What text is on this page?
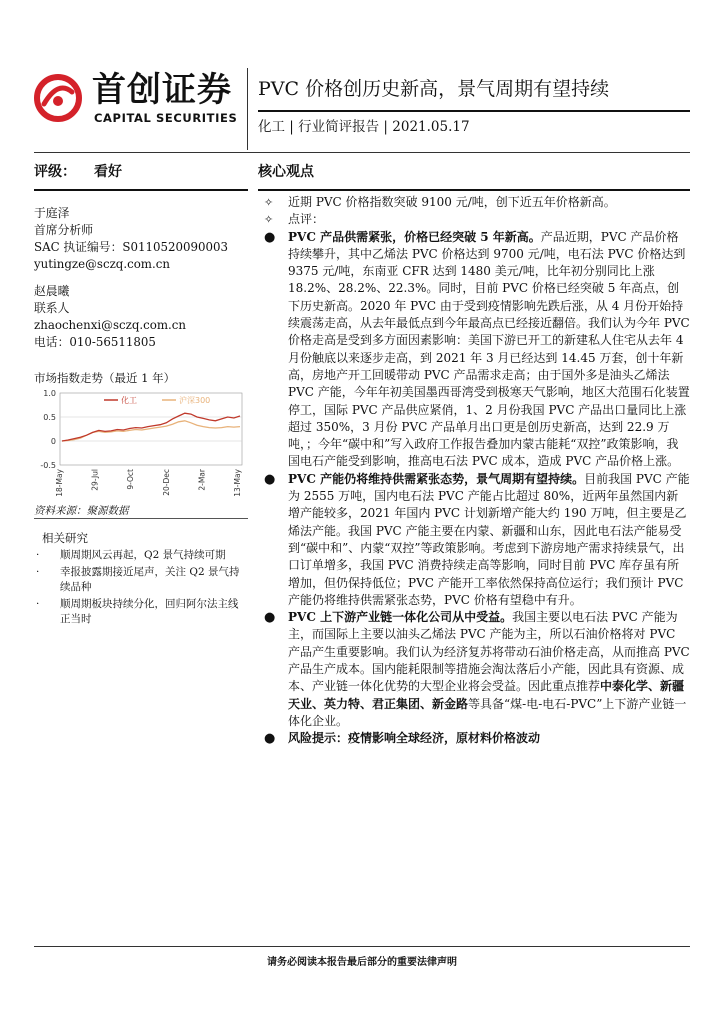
首创证券
CAPITAL SECURITIES
PVC 价格创历史新高，景气周期有望持续
化工 | 行业简评报告 | 2021.05.17
评级： 看好
于庭泽
首席分析师
SAC 执证编号：S0110520090003
yutingze@sczq.com.cn
赵晨曦
联系人
zhaochenxi@sczq.com.cn
电话：010-56511805
市场指数走势（最近 1 年）
1.0
0.5
0
-0.5
18-May	29-Jul	9-Oct	20-Dec	2-Mar	13-May
化工	沪深300
资料来源：聚源数据
相关研究
· 顺周期风云再起，Q2 景气持续可期
· 幸报披露期接近尾声，关注 Q2 景气持续品种
· 顺周期板块持续分化，回归阿尔法主线正当时
核心观点
✧ 近期 PVC 价格指数突破 9100 元/吨，创下近五年价格新高。
✧ 点评：
● PVC 产品供需紧张，价格已经突破 5 年新高。产品近期，PVC 产品价格持续攀升，其中乙烯法 PVC 价格达到 9700 元/吨，电石法 PVC 价格达到 9375 元/吨，东南亚 CFR 达到 1480 美元/吨，比年初分别同比上涨 18.2%、28.2%、22.3%。同时，目前 PVC 价格已经突破 5 年高点，创下历史新高。2020 年 PVC 由于受到疫情影响先跌后涨，从 4 月份开始持续震荡走高，从去年最低点到今年最高点已经接近翻倍。我们认为今年 PVC 价格走高是受到多方面因素影响：美国下游已开工的新建私人住宅从去年 4 月份触底以来逐步走高，到 2021 年 3 月已经达到 14.45 万套，创十年新高，房地产开工回暖带动 PVC 产品需求走高；由于国外多是油头乙烯法 PVC 产能，今年年初美国墨西哥湾受到极寒天气影响，地区大范围石化装置停工，国际 PVC 产品供应紧俏，1、2 月份我国 PVC 产品出口量同比上涨超过 350%，3 月份 PVC 产品单月出口更是创历史新高，达到 22.9 万吨，；今年“碳中和”写入政府工作报告叠加内蒙古能耗“双控”政策影响，我国电石产能受到影响，推高电石法 PVC 成本，造成 PVC 产品价格上涨。
● PVC 产能仍将维持供需紧张态势，景气周期有望持续。目前我国 PVC 产能为 2555 万吨，国内电石法 PVC 产能占比超过 80%，近两年虽然国内新增产能较多，2021 年国内 PVC 计划新增产能大约 190 万吨，但主要是乙烯法产能。我国 PVC 产能主要在内蒙、新疆和山东，因此电石法产能易受到“碳中和”、内蒙“双控”等政策影响。考虑到下游房地产需求持续景气，出口订单增多，我国 PVC 消费持续走高等影响，同时目前 PVC 库存虽有所增加，但仍保持低位；PVC 产能开工率依然保持高位运行；我们预计 PVC 产能仍将维持供需紧张态势，PVC 价格有望稳中有升。
● PVC 上下游产业链一体化公司从中受益。我国主要以电石法 PVC 产能为主，而国际上主要以油头乙烯法 PVC 产能为主，所以石油价格将对 PVC 产品产生重要影响。我们认为经济复苏将带动石油价格走高，从而推高 PVC 产品生产成本。国内能耗限制等措施会淘汰落后小产能，因此具有资源、成本、产业链一体化优势的大型企业将会受益。因此重点推荐中泰化学、新疆天业、英力特、君正集团、新金路等具备“煤-电-电石-PVC”上下游产业链一体化企业。
● 风险提示：疫情影响全球经济，原材料价格波动
请务必阅读本报告最后部分的重要法律声明
